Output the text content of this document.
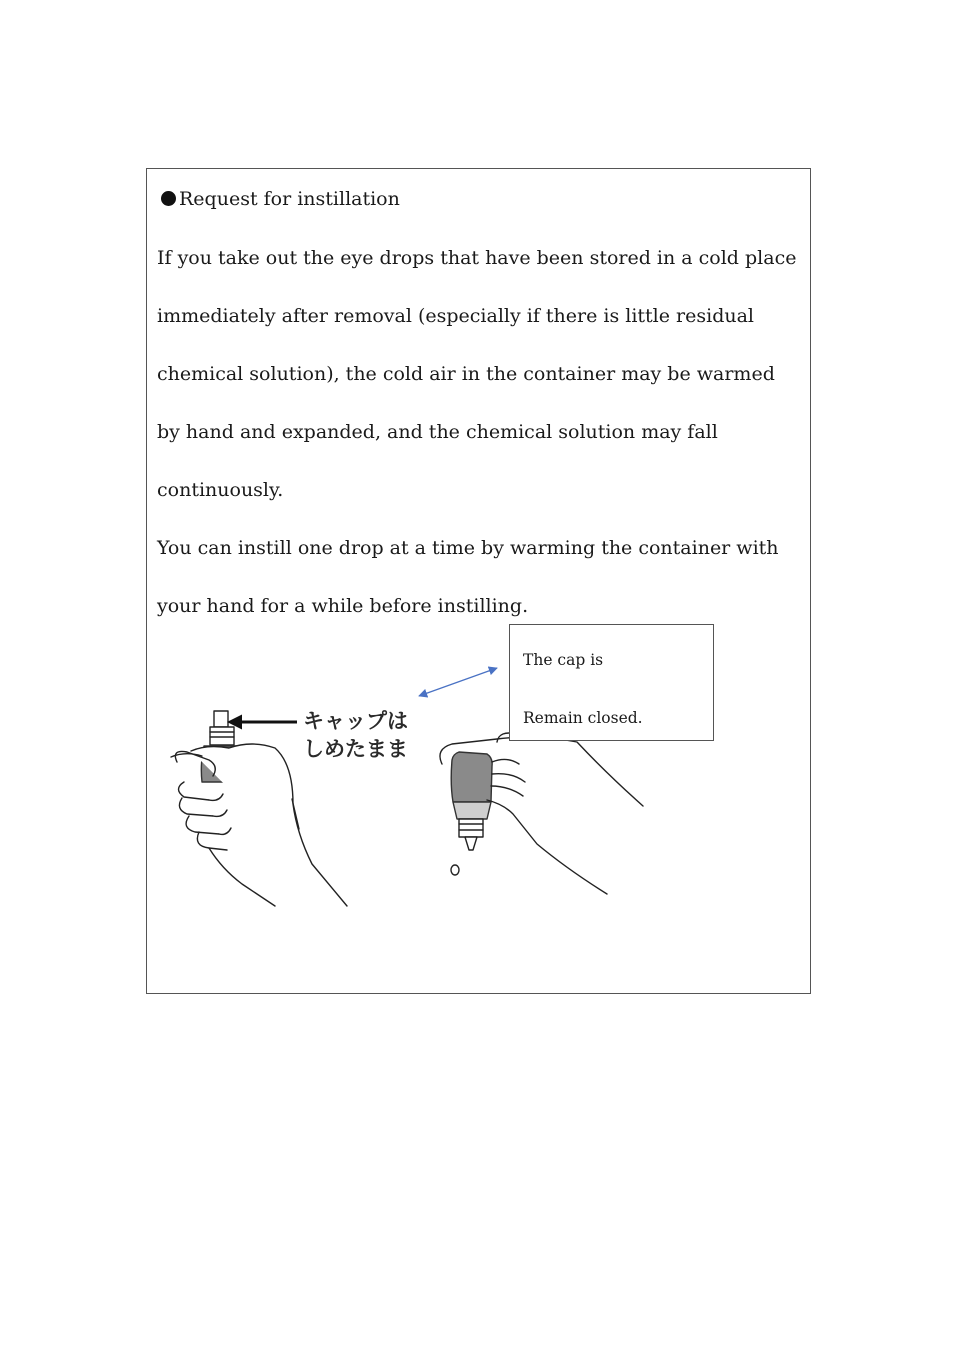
Request for instillation

If you take out the eye drops that have been stored in a cold place immediately after removal (especially if there is little residual chemical solution), the cold air in the container may be warmed by hand and expanded, and the chemical solution may fall continuously.

You can instill one drop at a time by warming the container with your hand for a while before instilling.

キャップは
しめたまま
The cap is
Remain closed.
